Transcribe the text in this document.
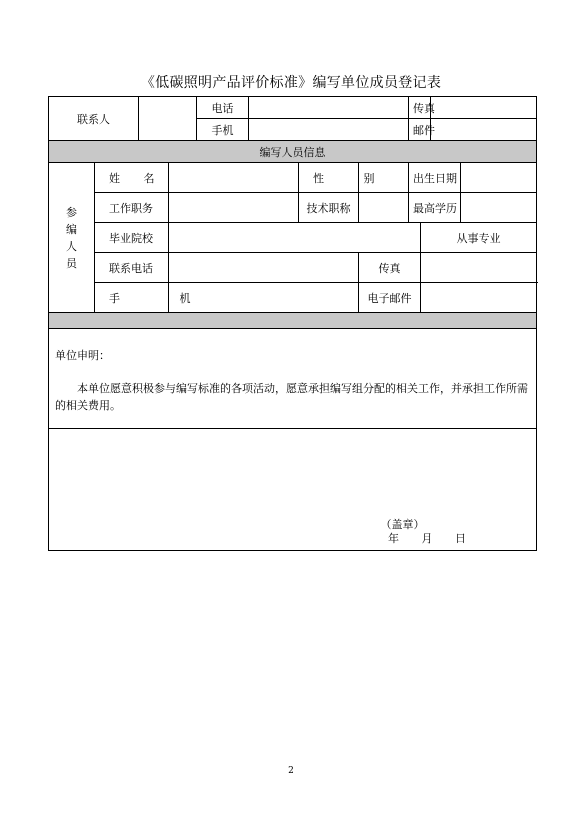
《低碳照明产品评价标准》编写单位成员登记表
联系人				电话				传真				
				手机				邮件				
编写人员信息												

参
编
人
员	姓 名					性 别		出生日期				
	工作职务					技术职称		最高学历				
	毕业院校								从事专业			
	联系电话						传真					
	手 机						电子邮件					

单位申明：

本单位愿意积极参与编写标准的各项活动，愿意承担编写组分配的相关工作，并承担工作所需的相关费用。												

（盖章）
年 月 日												
2
